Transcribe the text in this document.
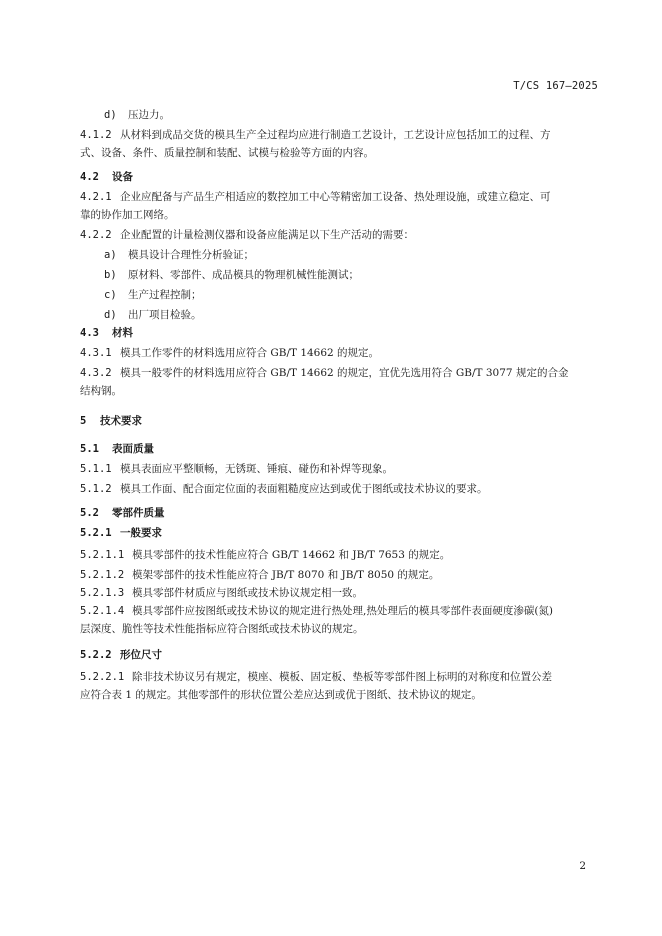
T/CS 167—2025
d) 压边力。
4.1.2 从材料到成品交货的模具生产全过程均应进行制造工艺设计，工艺设计应包括加工的过程、方
式、设备、条件、质量控制和装配、试模与检验等方面的内容。
4.2 设备
4.2.1 企业应配备与产品生产相适应的数控加工中心等精密加工设备、热处理设施，或建立稳定、可
靠的协作加工网络。
4.2.2 企业配置的计量检测仪器和设备应能满足以下生产活动的需要：
a) 模具设计合理性分析验证；
b) 原材料、零部件、成品模具的物理机械性能测试；
c) 生产过程控制；
d) 出厂项目检验。
4.3 材料
4.3.1 模具工作零件的材料选用应符合 GB/T 14662 的规定。
4.3.2 模具一般零件的材料选用应符合 GB/T 14662 的规定，宜优先选用符合 GB/T 3077 规定的合金
结构钢。
5 技术要求
5.1 表面质量
5.1.1 模具表面应平整顺畅，无锈斑、锤痕、碰伤和补焊等现象。
5.1.2 模具工作面、配合面定位面的表面粗糙度应达到或优于图纸或技术协议的要求。
5.2 零部件质量
5.2.1 一般要求
5.2.1.1 模具零部件的技术性能应符合 GB/T 14662 和 JB/T 7653 的规定。
5.2.1.2 模架零部件的技术性能应符合 JB/T 8070 和 JB/T 8050 的规定。
5.2.1.3 模具零部件材质应与图纸或技术协议规定相一致。
5.2.1.4 模具零部件应按图纸或技术协议的规定进行热处理,热处理后的模具零部件表面硬度渗碳(氮)
层深度、脆性等技术性能指标应符合图纸或技术协议的规定。
5.2.2 形位尺寸
5.2.2.1 除非技术协议另有规定，模座、模板、固定板、垫板等零部件图上标明的对称度和位置公差
应符合表 1 的规定。其他零部件的形状位置公差应达到或优于图纸、技术协议的规定。
2
